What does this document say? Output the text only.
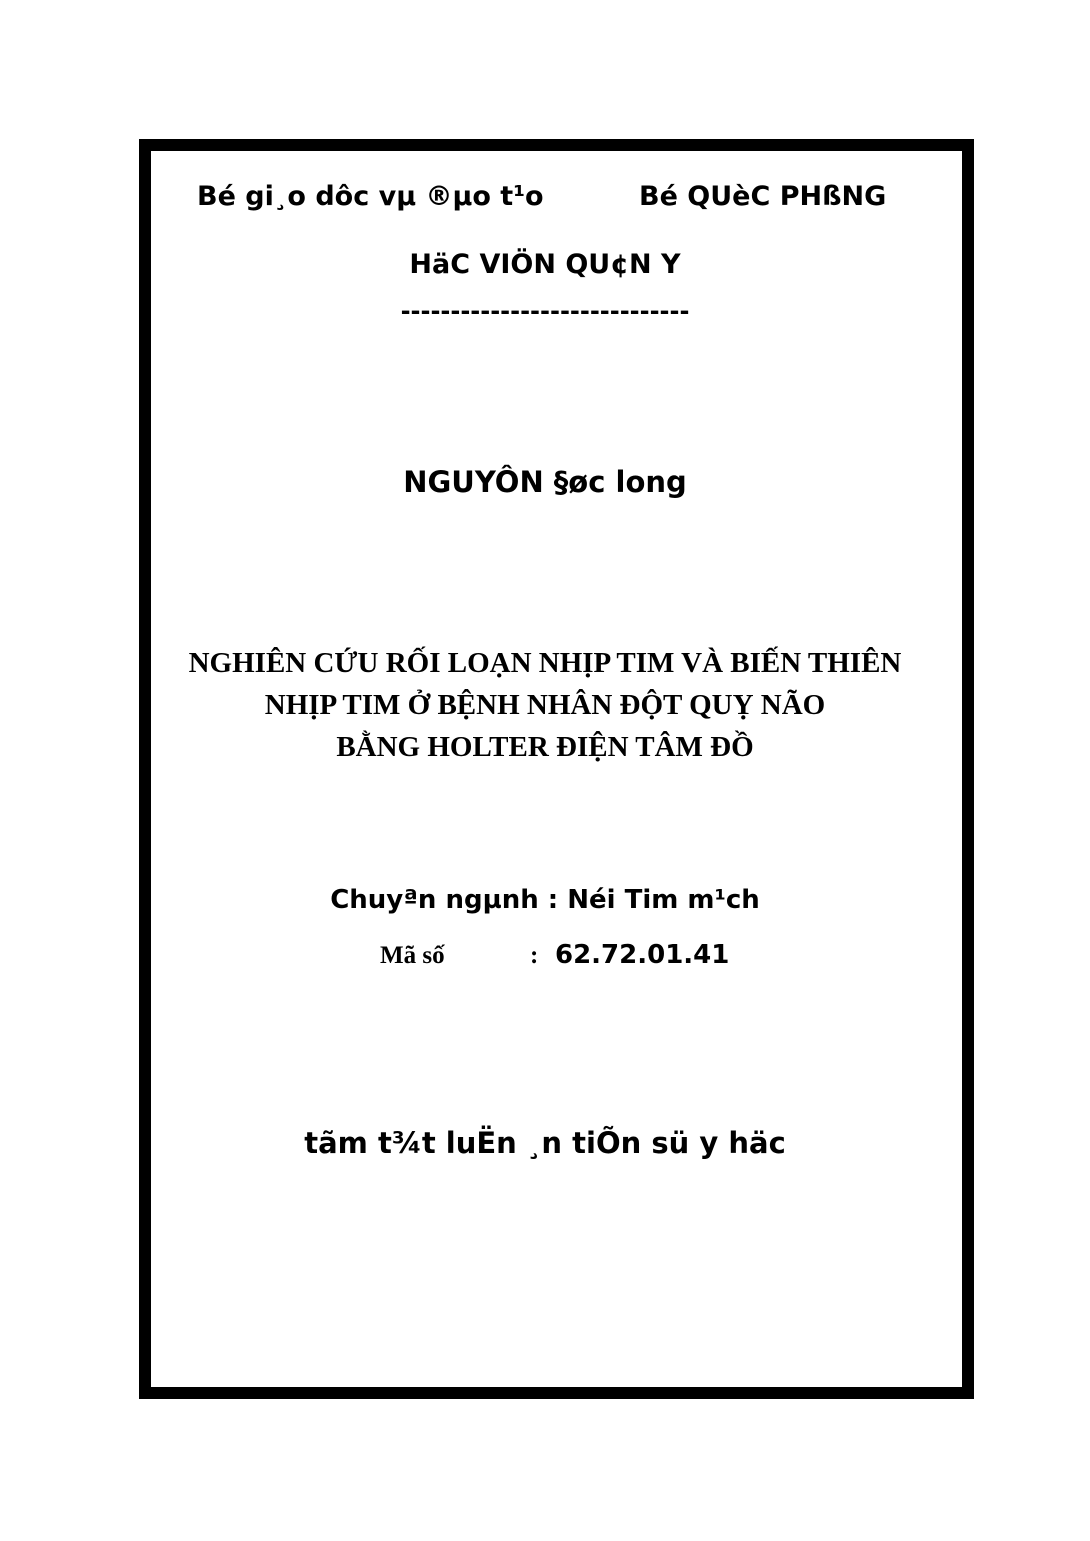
Bé gi¸o dôc vµ ®µo t¹o	Bé QUèC PHßNG
HäC VIÖN QU¢N Y
-----------------------------
NGUYÔN §øc long
NGHIÊN CỨU RỐI LOẠN NHỊP TIM VÀ BIẾN THIÊN
NHỊP TIM Ở BỆNH NHÂN ĐỘT QUỴ NÃO
BẰNG HOLTER ĐIỆN TÂM ĐỒ
Chuyªn ngµnh : Néi Tim m¹ch
Mã số	: 62.72.01.41
tãm t¾t luËn ¸n tiÕn sü y häc
